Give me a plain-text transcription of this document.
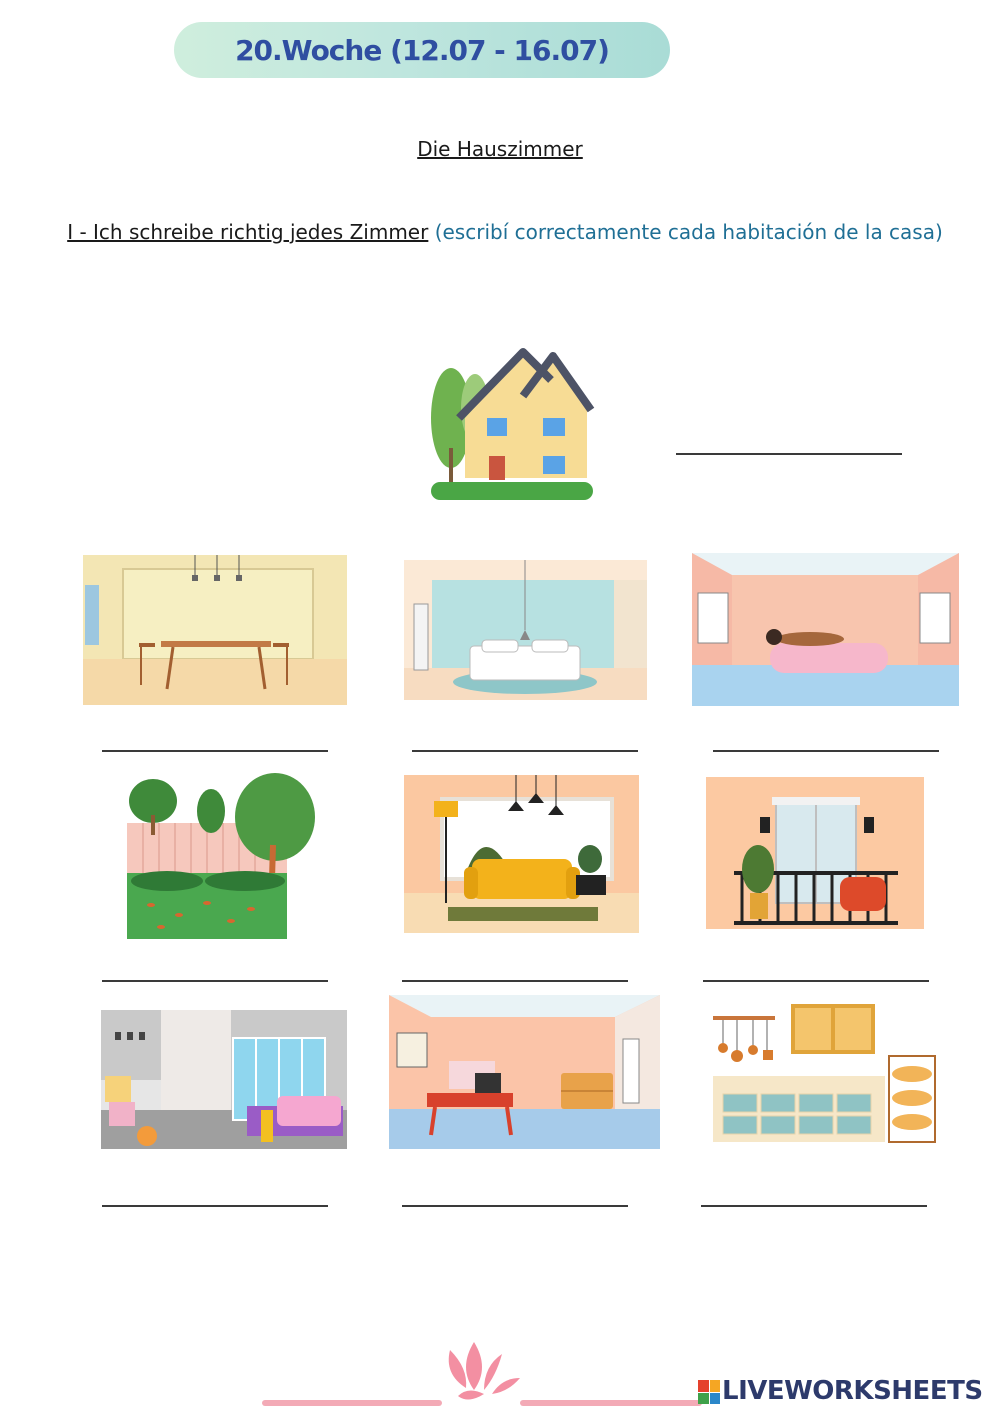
20.Woche (12.07 - 16.07)
Die Hauszimmer
I - Ich schreibe richtig jedes Zimmer (escribí correctamente cada habitación de la casa)
LIVEWORKSHEETS
